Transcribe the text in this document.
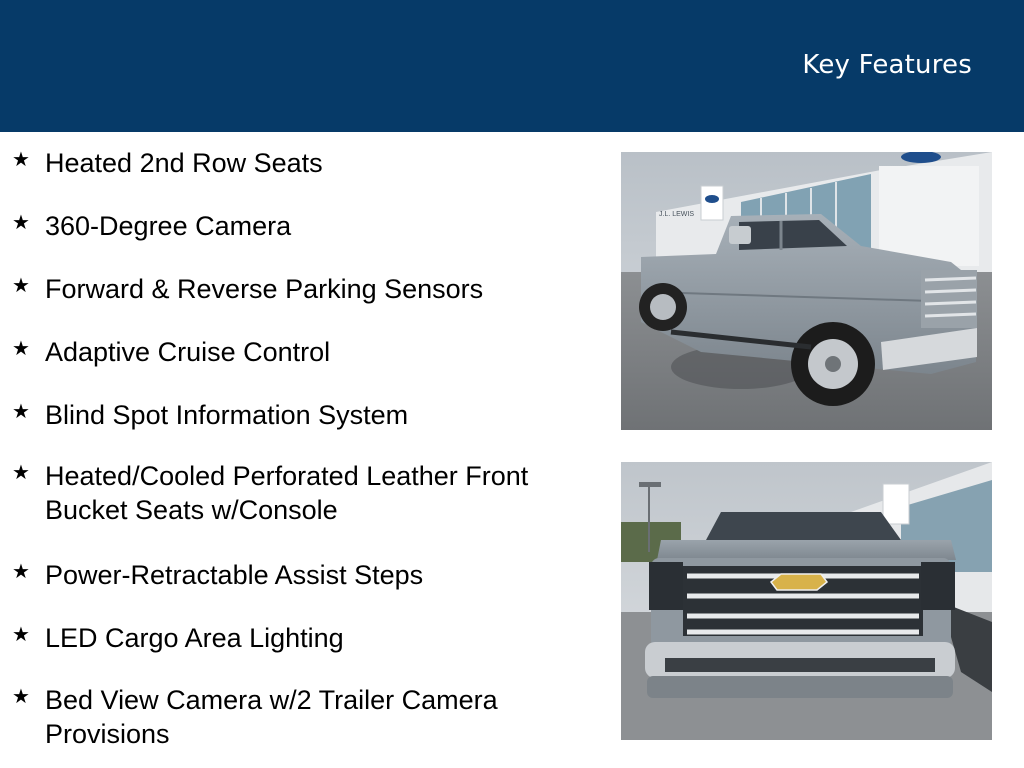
Key Features
★ Heated 2nd Row Seats
★ 360-Degree Camera
★ Forward & Reverse Parking Sensors
★ Adaptive Cruise Control
★ Blind Spot Information System
★ Heated/Cooled Perforated Leather Front Bucket Seats w/Console
★ Power-Retractable Assist Steps
★ LED Cargo Area Lighting
★ Bed View Camera w/2 Trailer Camera Provisions
J.L. LEWIS
